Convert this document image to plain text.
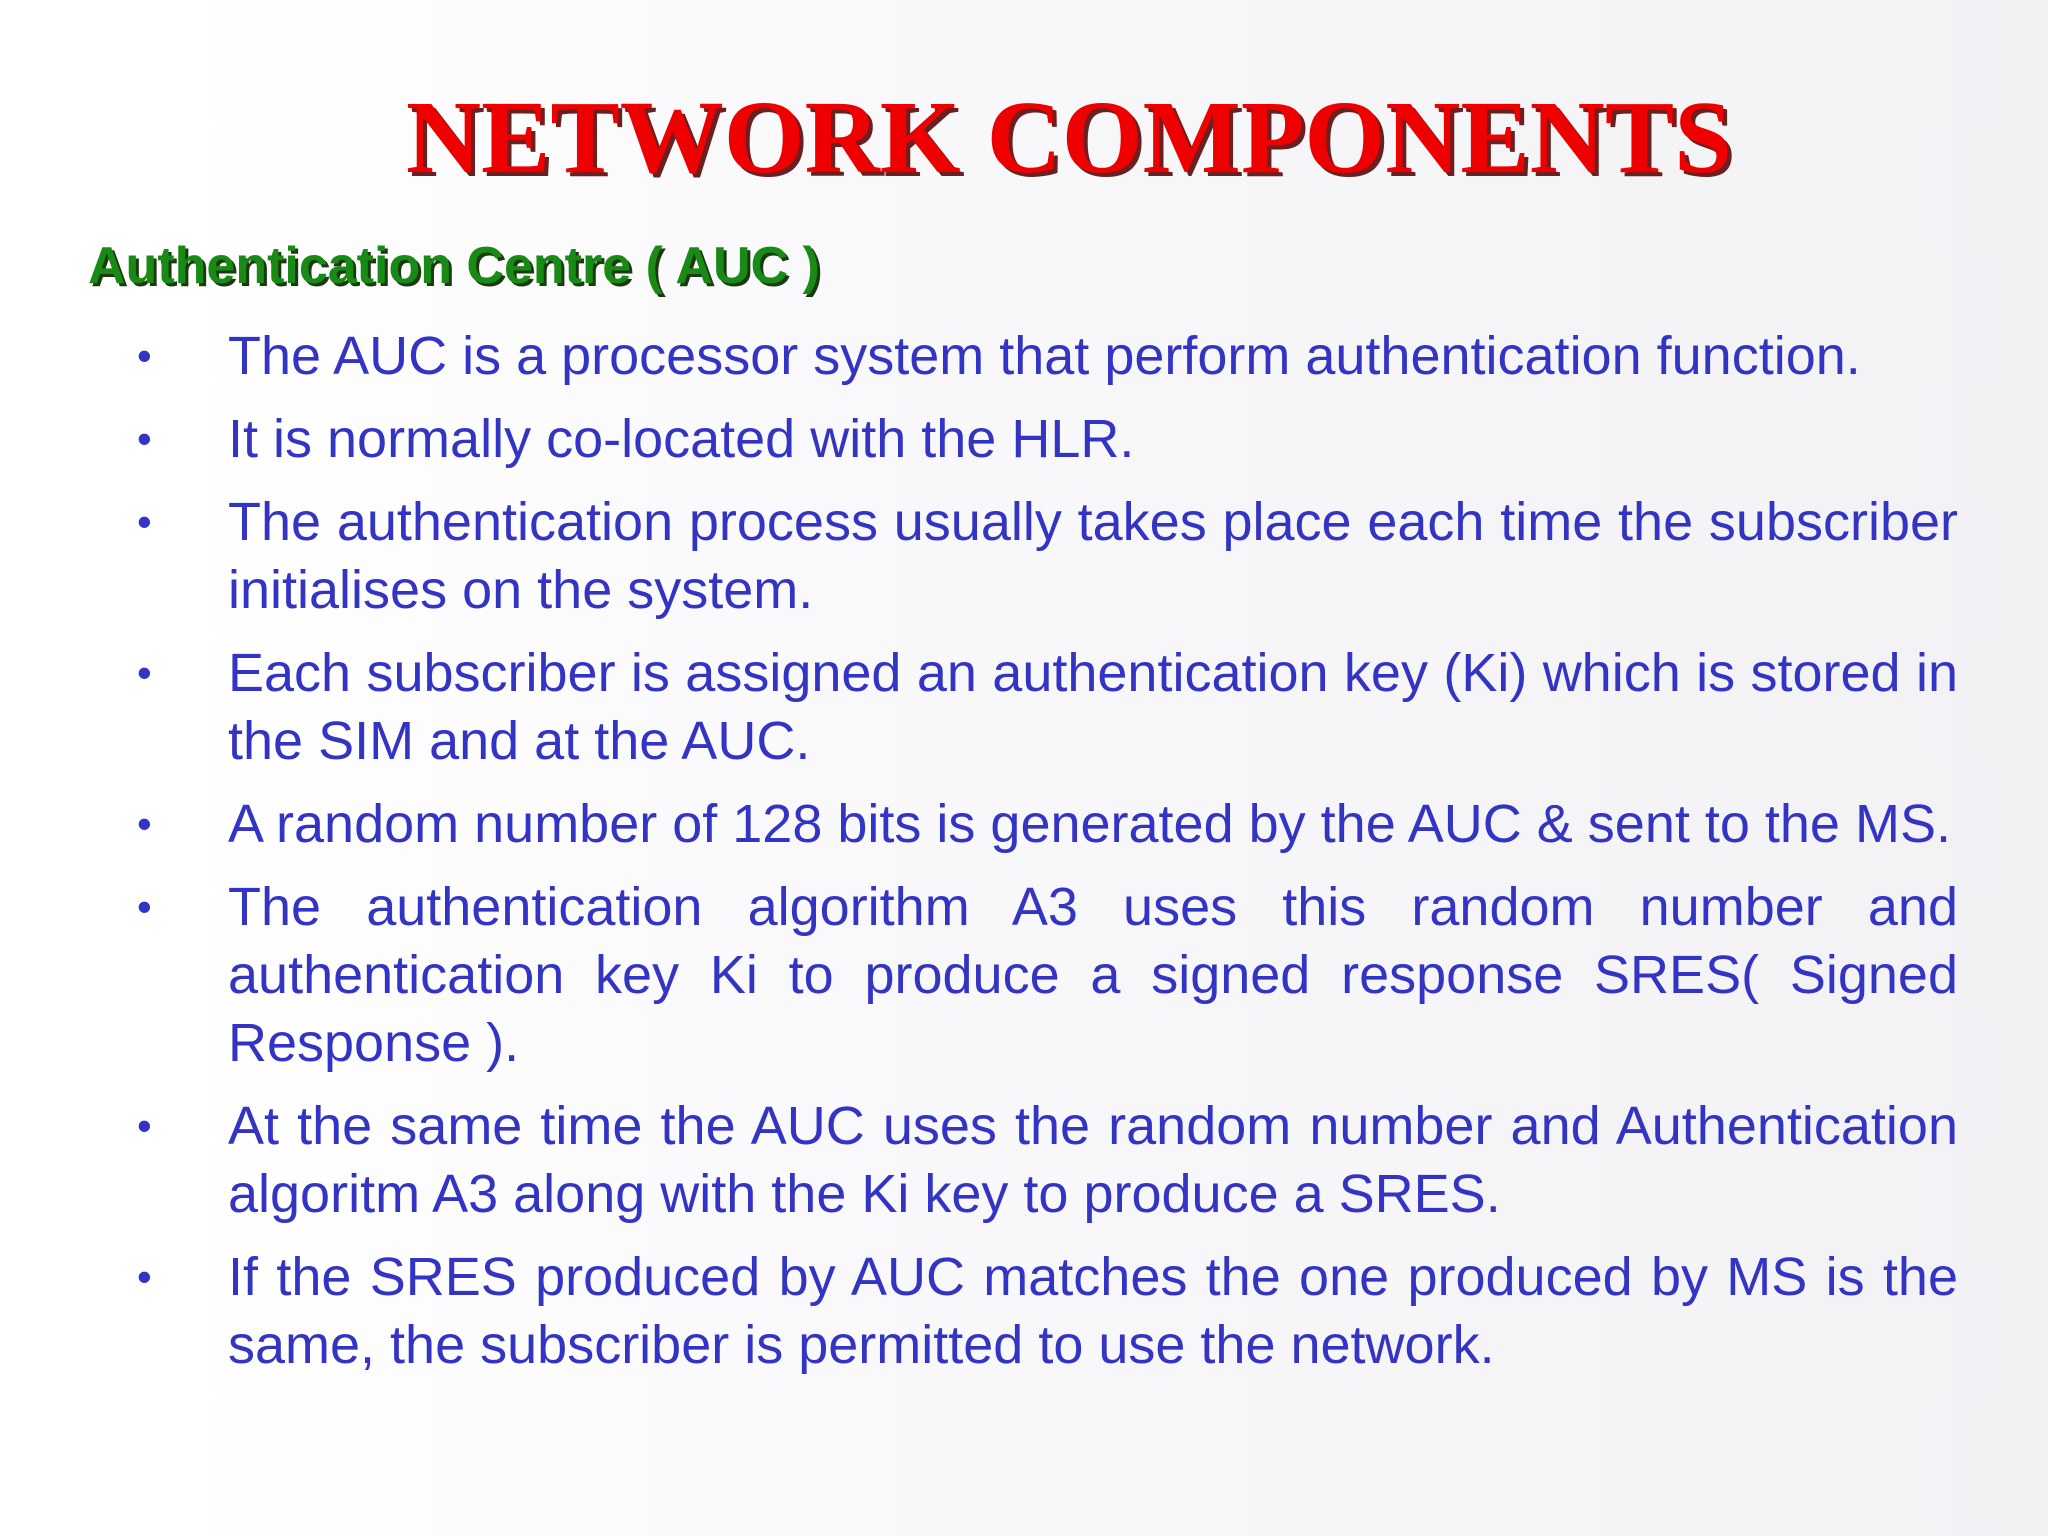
NETWORK COMPONENTS
Authentication Centre ( AUC )
• The AUC is a processor system that perform authentication function.
• It is normally co-located with the HLR.
• The authentication process usually takes place each time the subscriber initialises on the system.
• Each subscriber is assigned an authentication key (Ki) which is stored in the SIM and at the AUC.
• A random number of 128 bits is generated by the AUC & sent to the MS.
• The authentication algorithm A3 uses this random number and authentication key Ki to produce a signed response SRES( Signed Response ).
• At the same time the AUC uses the random number and Authentication algoritm A3 along with the Ki key to produce a SRES.
• If the SRES produced by AUC matches the one produced by MS is the same, the subscriber is permitted to use the network.
